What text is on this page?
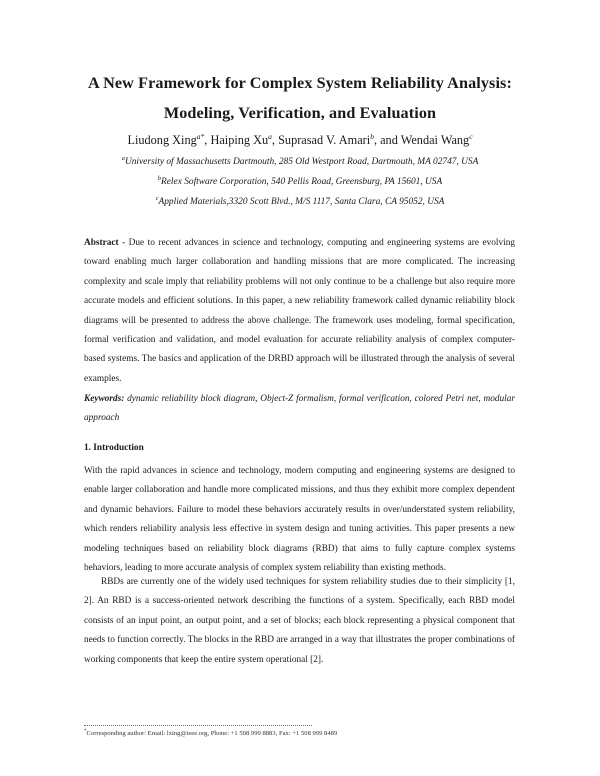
A New Framework for Complex System Reliability Analysis:
Modeling, Verification, and Evaluation
Liudong Xing$^{a*}$, Haiping Xu$^a$, Suprasad V. Amari$^b$, and Wendai Wang$^c$
$^a$University of Massachusetts Dartmouth, 285 Old Westport Road, Dartmouth, MA 02747, USA
$^b$Relex Software Corporation, 540 Pellis Road, Greensburg, PA 15601, USA
$^c$Applied Materials,3320 Scott Blvd., M/S 1117, Santa Clara, CA 95052, USA
Abstract - Due to recent advances in science and technology, computing and engineering systems are evolving toward enabling much larger collaboration and handling missions that are more complicated. The increasing complexity and scale imply that reliability problems will not only continue to be a challenge but also require more accurate models and efficient solutions. In this paper, a new reliability framework called dynamic reliability block diagrams will be presented to address the above challenge. The framework uses modeling, formal specification, formal verification and validation, and model evaluation for accurate reliability analysis of complex computer-based systems. The basics and application of the DRBD approach will be illustrated through the analysis of several examples.
Keywords: dynamic reliability block diagram, Object-Z formalism, formal verification, colored Petri net, modular approach
1. Introduction
With the rapid advances in science and technology, modern computing and engineering systems are designed to enable larger collaboration and handle more complicated missions, and thus they exhibit more complex dependent and dynamic behaviors. Failure to model these behaviors accurately results in over/understated system reliability, which renders reliability analysis less effective in system design and tuning activities. This paper presents a new modeling techniques based on reliability block diagrams (RBD) that aims to fully capture complex systems behaviors, leading to more accurate analysis of complex system reliability than existing methods.
RBDs are currently one of the widely used techniques for system reliability studies due to their simplicity [1, 2]. An RBD is a success-oriented network describing the functions of a system. Specifically, each RBD model consists of an input point, an output point, and a set of blocks; each block representing a physical component that needs to function correctly. The blocks in the RBD are arranged in a way that illustrates the proper combinations of working components that keep the entire system operational [2].
*Corresponding author: Email: lxing@ieee.org, Phone: +1 508 999 8883, Fax: +1 508 999 8489
